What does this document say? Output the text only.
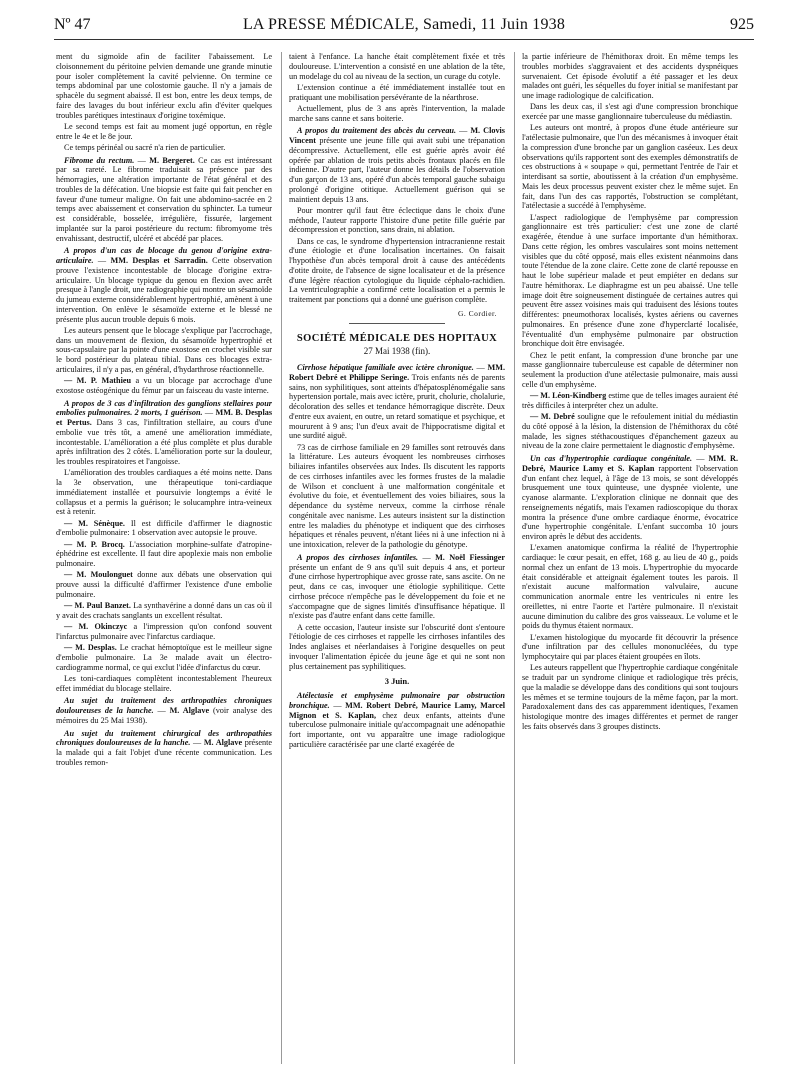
Nº 47	LA PRESSE MÉDICALE, Samedi, 11 Juin 1938	925

ment du sigmoïde afin de faciliter l'abaissement. Le cloisonnement du péritoine pelvien demande une grande minutie pour isoler complètement la cavité pelvienne. On termine ce temps abdominal par une colostomie gauche. Il n'y a jamais de sphacèle du segment abaissé. Il est bon, entre les deux temps, de faire des lavages du bout inférieur exclu afin d'éviter quelques troubles parétiques intestinaux d'origine toxémique.

Le second temps est fait au moment jugé opportun, en règle entre le 4e et le 8e jour.

Ce temps périnéal ou sacré n'a rien de particulier.

Fibrome du rectum. — M. Bergeret. Ce cas est intéressant par sa rareté. Le fibrome traduisait sa présence par des hémorragies, une altération importante de l'état général et des troubles de la défécation. Une biopsie est faite qui fait pencher en faveur d'une tumeur maligne. On fait une abdomino-sacrée en 2 temps avec abaissement et conservation du sphincter. La tumeur est considérable, bosselée, irrégulière, fissurée, largement implantée sur la paroi postérieure du rectum: fibromyome très envahissant, destructif, ulcéré et abcédé par places.

A propos d'un cas de blocage du genou d'origine extra-articulaire. — MM. Desplas et Sarradin. Cette observation prouve l'existence incontestable de blocage d'origine extra-articulaire. Un blocage typique du genou en flexion avec arrêt presque à l'angle droit, une radiographie qui montre un sésamoïde du jumeau externe considérablement hypertrophié, amènent à une intervention. On enlève le sésamoïde externe et le blessé ne présente plus aucun trouble depuis 6 mois.

Les auteurs pensent que le blocage s'explique par l'accrochage, dans un mouvement de flexion, du sésamoïde hypertrophié et sous-capsulaire par la pointe d'une exostose en crochet visible sur le bord postérieur du plateau tibial. Dans ces blocages extra-articulaires, il n'y a pas, en général, d'hydarthrose réactionnelle.

— M. P. Mathieu a vu un blocage par accrochage d'une exostose ostéogénique du fémur par un faisceau du vaste interne.

A propos de 3 cas d'infiltration des ganglions stellaires pour embolies pulmonaires. 2 morts, 1 guérison. — MM. B. Desplas et Pertus. Dans 3 cas, l'infiltration stellaire, au cours d'une embolie vue très tôt, a amené une amélioration immédiate, incontestable. L'amélioration a été plus complète et plus durable après infiltration des 2 côtés. L'amélioration porte sur la douleur, les troubles respiratoires et l'angoisse.

L'amélioration des troubles cardiaques a été moins nette. Dans la 3e observation, une thérapeutique toni-cardiaque immédiatement installée et poursuivie longtemps a évité le collapsus et a permis la guérison; le solucamphre intra-veineux est à retenir.

— M. Sénèque. Il est difficile d'affirmer le diagnostic d'embolie pulmonaire: 1 observation avec autopsie le prouve.

— M. P. Brocq. L'association morphine-sulfate d'atropine-éphédrine est excellente. Il faut dire apoplexie mais non embolie pulmonaire.

— M. Moulonguet donne aux débats une observation qui prouve aussi la difficulté d'affirmer l'existence d'une embolie pulmonaire.

— M. Paul Banzet. La synthavérine a donné dans un cas où il y avait des crachats sanglants un excellent résultat.

— M. Okinczyc a l'impression qu'on confond souvent l'infarctus pulmonaire avec l'infarctus cardiaque.

— M. Desplas. Le crachat hémoptoïque est le meilleur signe d'embolie pulmonaire. La 3e malade avait un électro-cardiogramme normal, ce qui exclut l'idée d'infarctus du cœur.

Les toni-cardiaques complètent incontestablement l'heureux effet immédiat du blocage stellaire.

Au sujet du traitement des arthropathies chroniques douloureuses de la hanche. — M. Alglave (voir analyse des mémoires du 25 Mai 1938).

Au sujet du traitement chirurgical des arthropathies chroniques douloureuses de la hanche. — M. Alglave présente la malade qui a fait l'objet d'une récente communication. Les troubles remon-

taient à l'enfance. La hanche était complètement fixée et très douloureuse. L'intervention a consisté en une ablation de la tête, un modelage du col au niveau de la section, un curage du cotyle.

L'extension continue a été immédiatement installée tout en pratiquant une mobilisation persévérante de la néarthrose.

Actuellement, plus de 3 ans après l'intervention, la malade marche sans canne et sans boiterie.

A propos du traitement des abcès du cerveau. — M. Clovis Vincent présente une jeune fille qui avait subi une trépanation décompressive. Actuellement, elle est guérie après avoir été opérée par ablation de trois petits abcès frontaux placés en file indienne. D'autre part, l'auteur donne les détails de l'observation d'un garçon de 13 ans, opéré d'un abcès temporal gauche subaigu prolongé d'origine otitique. Actuellement guérison qui se maintient depuis 13 ans.

Pour montrer qu'il faut être éclectique dans le choix d'une méthode, l'auteur rapporte l'histoire d'une petite fille guérie par décompression et ponction, sans drain, ni ablation.

Dans ce cas, le syndrome d'hypertension intracranienne restait d'une étiologie et d'une localisation incertaines. On faisait l'hypothèse d'un abcès temporal droit à cause des antécédents d'otite droite, de l'absence de signe localisateur et de la présence d'une légère réaction cytologique du liquide céphalo-rachidien. La ventriculographie a confirmé cette localisation et a permis le traitement par ponctions qui a donné une guérison complète.

G. Cordier.
SOCIÉTÉ MÉDICALE DES HOPITAUX
27 Mai 1938 (fin).

Cirrhose hépatique familiale avec ictère chronique. — MM. Robert Debré et Philippe Seringe. Trois enfants nés de parents sains, non syphilitiques, sont atteints d'hépatosplénomégalie sans hypertension portale, mais avec ictère, prurit, cholurie, cholalurie, décoloration des selles et tendance hémorragique discrète. Deux d'entre eux avaient, en outre, un retard somatique et psychique, et moururent à 9 ans; l'un d'eux avait de l'hippocratisme digital et une surdité aiguë.

73 cas de cirrhose familiale en 29 familles sont retrouvés dans la littérature. Les auteurs évoquent les nombreuses cirrhoses biliaires infantiles observées aux Indes. Ils discutent les rapports de ces cirrhoses infantiles avec les formes frustes de la maladie de Wilson et concluent à une malformation congénitale et évolutive du foie, et éventuellement des voies biliaires, sous la dépendance du système nerveux, comme la cirrhose rénale congénitale avec nanisme. Les auteurs insistent sur la distinction entre les maladies du phénotype et indiquent que des cirrhoses hépatiques et rénales peuvent, n'étant liées ni à une infection ni à une intoxication, relever de la pathologie du génotype.

A propos des cirrhoses infantiles. — M. Noël Fiessinger présente un enfant de 9 ans qu'il suit depuis 4 ans, et porteur d'une cirrhose hypertrophique avec grosse rate, sans ascite. On ne peut, dans ce cas, invoquer une étiologie syphilitique. Cette cirrhose précoce n'empêche pas le développement du foie et ne s'accompagne que de signes limités d'insuffisance hépatique. Il n'existe pas d'autre enfant dans cette famille.

A cette occasion, l'auteur insiste sur l'obscurité dont s'entoure l'étiologie de ces cirrhoses et rappelle les cirrhoses infantiles des Indes anglaises et néerlandaises à l'origine desquelles on peut invoquer l'alimentation épicée du jeune âge et qui ne sont non plus certainement pas syphilitiques.

3 Juin.

Atélectasie et emphysème pulmonaire par obstruction bronchique. — MM. Robert Debré, Maurice Lamy, Marcel Mignon et S. Kaplan, chez deux enfants, atteints d'une tuberculose pulmonaire initiale qu'accompagnait une adénopathie fort importante, ont vu apparaître une image radiologique particulière caractérisée par une clarté exagérée de

la partie inférieure de l'hémithorax droit. En même temps les troubles morbides s'aggravaient et des accidents dyspnéiques survenaient. Cet épisode évolutif a été passager et les deux malades ont guéri, les séquelles du foyer initial se manifestant par une image radiologique de calcification.

Dans les deux cas, il s'est agi d'une compression bronchique exercée par une masse ganglionnaire tuberculeuse du médiastin.

Les auteurs ont montré, à propos d'une étude antérieure sur l'atélectasie pulmonaire, que l'un des mécanismes à invoquer était la compression d'une bronche par un ganglion caséeux. Les deux observations qu'ils rapportent sont des exemples démonstratifs de ces obstructions à « soupape » qui, permettant l'entrée de l'air et interdisant sa sortie, aboutissent à la création d'un emphysème. Mais les deux processus peuvent exister chez le même sujet. En fait, dans l'un des cas rapportés, l'obstruction se complétant, l'atélectasie a succédé à l'emphysème.

L'aspect radiologique de l'emphysème par compression ganglionnaire est très particulier: c'est une zone de clarté exagérée, étendue à une surface importante d'un hémithorax. Dans cette région, les ombres vasculaires sont moins nettement visibles que du côté opposé, mais elles existent néanmoins dans toute l'étendue de la zone claire. Cette zone de clarté repousse en haut le lobe supérieur malade et peut empiéter en dedans sur l'autre hémithorax. Le diaphragme est un peu abaissé. Une telle image doit être soigneusement distinguée de certaines autres qui peuvent être assez voisines mais qui traduisent des lésions toutes différentes: pneumothorax localisés, kystes aériens ou cavernes pulmonaires. En présence d'une zone d'hyperclarté localisée, l'éventualité d'un emphysème pulmonaire par obstruction bronchique doit être envisagée.

Chez le petit enfant, la compression d'une bronche par une masse ganglionnaire tuberculeuse est capable de déterminer non seulement la production d'une atélectasie pulmonaire, mais aussi celle d'un emphysème.

— M. Léon-Kindberg estime que de telles images auraient été très difficiles à interpréter chez un adulte.

— M. Debré souligne que le refoulement initial du médiastin du côté opposé à la lésion, la distension de l'hémithorax du côté malade, les signes stéthacoustiques d'épanchement gazeux au niveau de la zone claire permettaient le diagnostic d'emphysème.

Un cas d'hypertrophie cardiaque congénitale. — MM. R. Debré, Maurice Lamy et S. Kaplan rapportent l'observation d'un enfant chez lequel, à l'âge de 13 mois, se sont développés brusquement une toux quinteuse, une dyspnée violente, une cyanose alarmante. L'exploration clinique ne donnait que des renseignements négatifs, mais l'examen radioscopique du thorax montra la présence d'une ombre cardiaque énorme, évocatrice d'une hypertrophie congénitale. L'enfant succomba 10 jours environ après le début des accidents.

L'examen anatomique confirma la réalité de l'hypertrophie cardiaque: le cœur pesait, en effet, 168 g. au lieu de 40 g., poids normal chez un enfant de 13 mois. L'hypertrophie du myocarde était considérable et atteignait également toutes les parois. Il n'existait aucune malformation valvulaire, aucune communication anormale entre les ventricules ni entre les oreillettes, ni entre l'aorte et l'artère pulmonaire. Il n'existait aucune diminution du calibre des gros vaisseaux. Le volume et le poids du thymus étaient normaux.

L'examen histologique du myocarde fit découvrir la présence d'une infiltration par des cellules mononucléées, du type lymphocytaire qui par places étaient groupées en îlots.

Les auteurs rappellent que l'hypertrophie cardiaque congénitale se traduit par un syndrome clinique et radiologique très précis, que la maladie se développe dans des conditions qui sont toujours les mêmes et se termine toujours de la même façon, par la mort. Paradoxalement dans des cas apparemment identiques, l'examen histologique montre des images différentes et permet de ranger les faits observés dans 3 groupes distincts.
